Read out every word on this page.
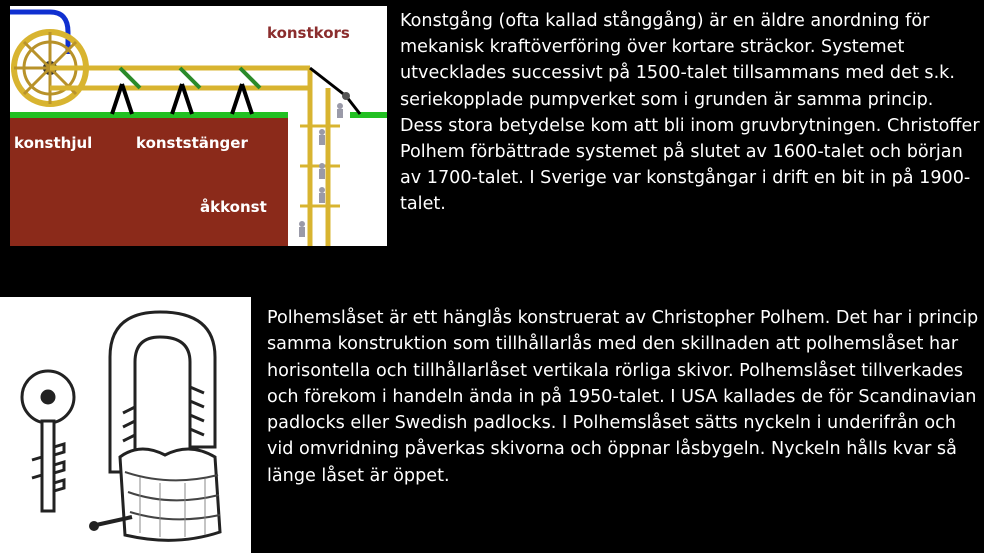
konstkors
konsthjul	konststänger
åkkonst

Konstgång (ofta kallad stånggång) är en äldre anordning för mekanisk kraftöverföring över kortare sträckor. Systemet utvecklades successivt på 1500-talet tillsammans med det s.k. seriekopplade pumpverket som i grunden är samma princip. Dess stora betydelse kom att bli inom gruvbrytningen. Christoffer Polhem förbättrade systemet på slutet av 1600-talet och början av 1700-talet. I Sverige var konstgångar i drift en bit in på 1900-talet.

Polhemslåset är ett hänglås konstruerat av Christopher Polhem. Det har i princip samma konstruktion som tillhållarlås med den skillnaden att polhemslåset har horisontella och tillhållarlåset vertikala rörliga skivor. Polhemslåset tillverkades och förekom i handeln ända in på 1950-talet. I USA kallades de för Scandinavian padlocks eller Swedish padlocks. I Polhemslåset sätts nyckeln i underifrån och vid omvridning påverkas skivorna och öppnar låsbygeln. Nyckeln hålls kvar så länge låset är öppet.
